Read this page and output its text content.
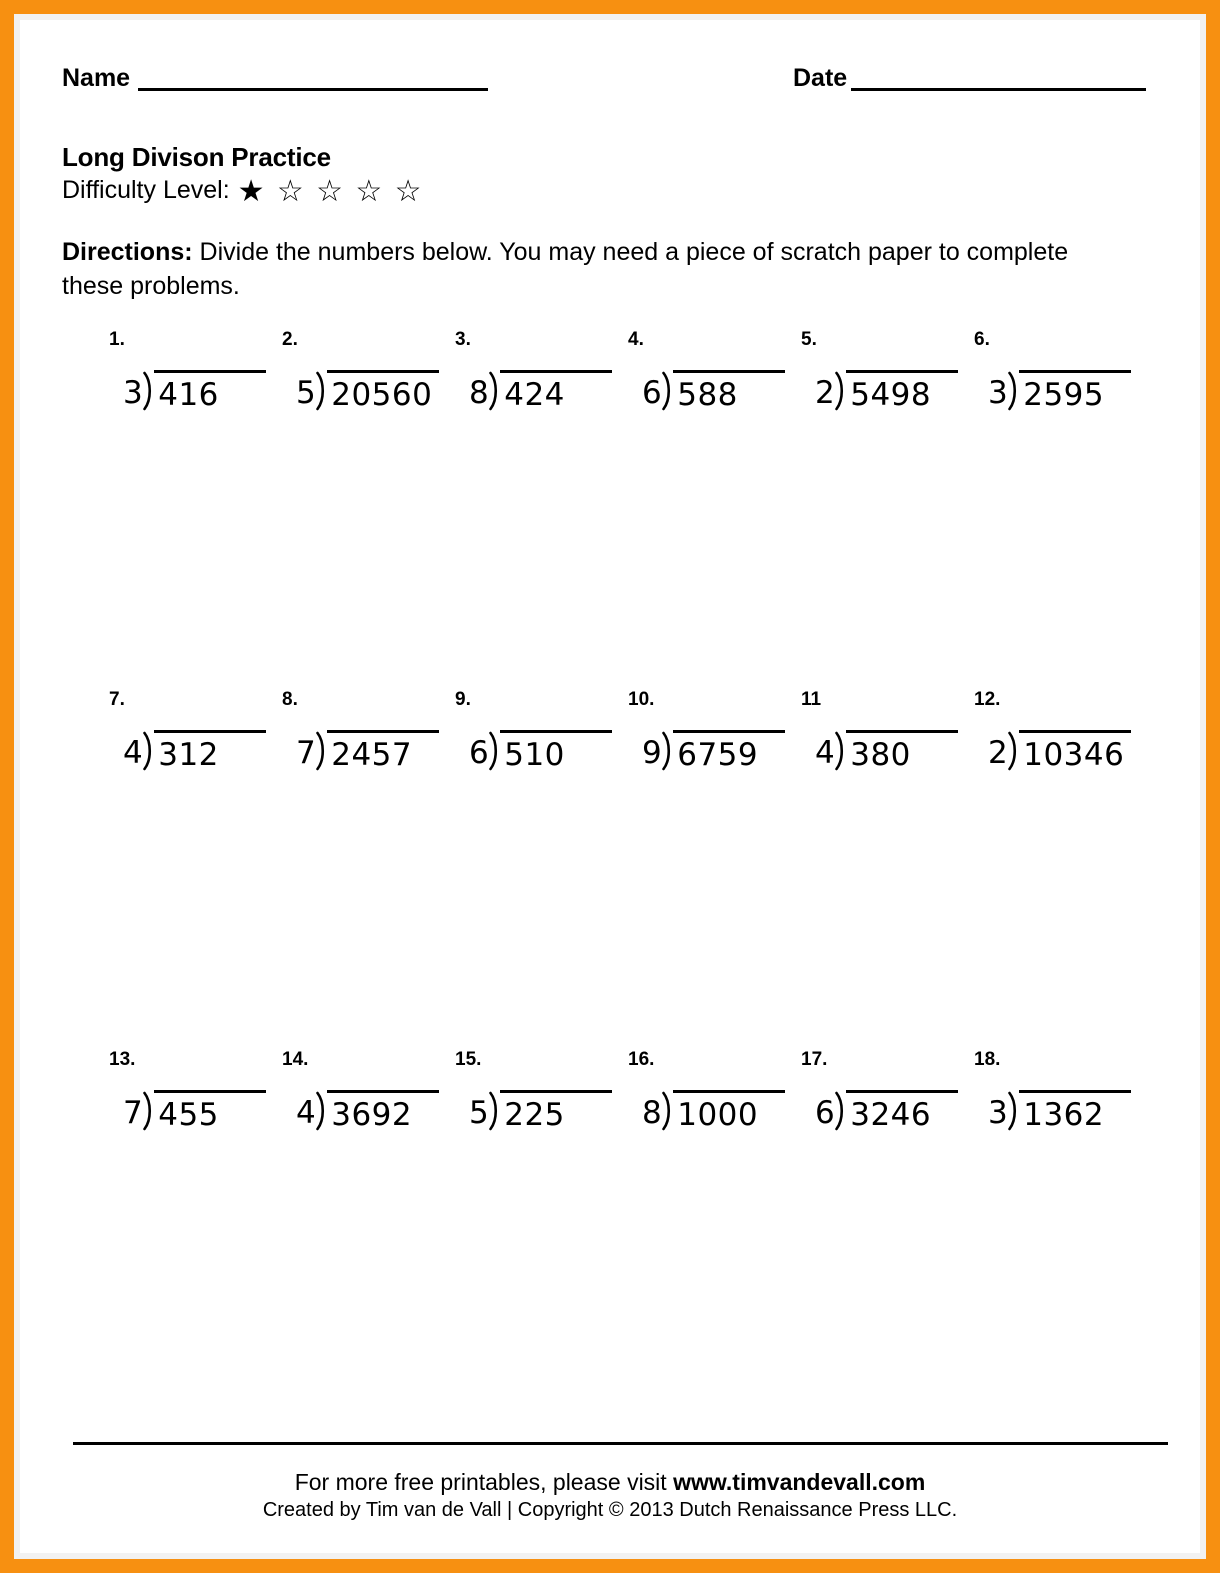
Name	Date
Long Divison Practice
Difficulty Level: ★ ☆ ☆ ☆ ☆
Directions: Divide the numbers below. You may need a piece of scratch paper to complete these problems.
1.
3 416
2.
5 20560
3.
8 424
4.
6 588
5.
2 5498
6.
3 2595
7.
4 312
8.
7 2457
9.
6 510
10.
9 6759
11
4 380
12.
2 10346
13.
7 455
14.
4 3692
15.
5 225
16.
8 1000
17.
6 3246
18.
3 1362
For more free printables, please visit www.timvandevall.com
Created by Tim van de Vall | Copyright © 2013 Dutch Renaissance Press LLC.
